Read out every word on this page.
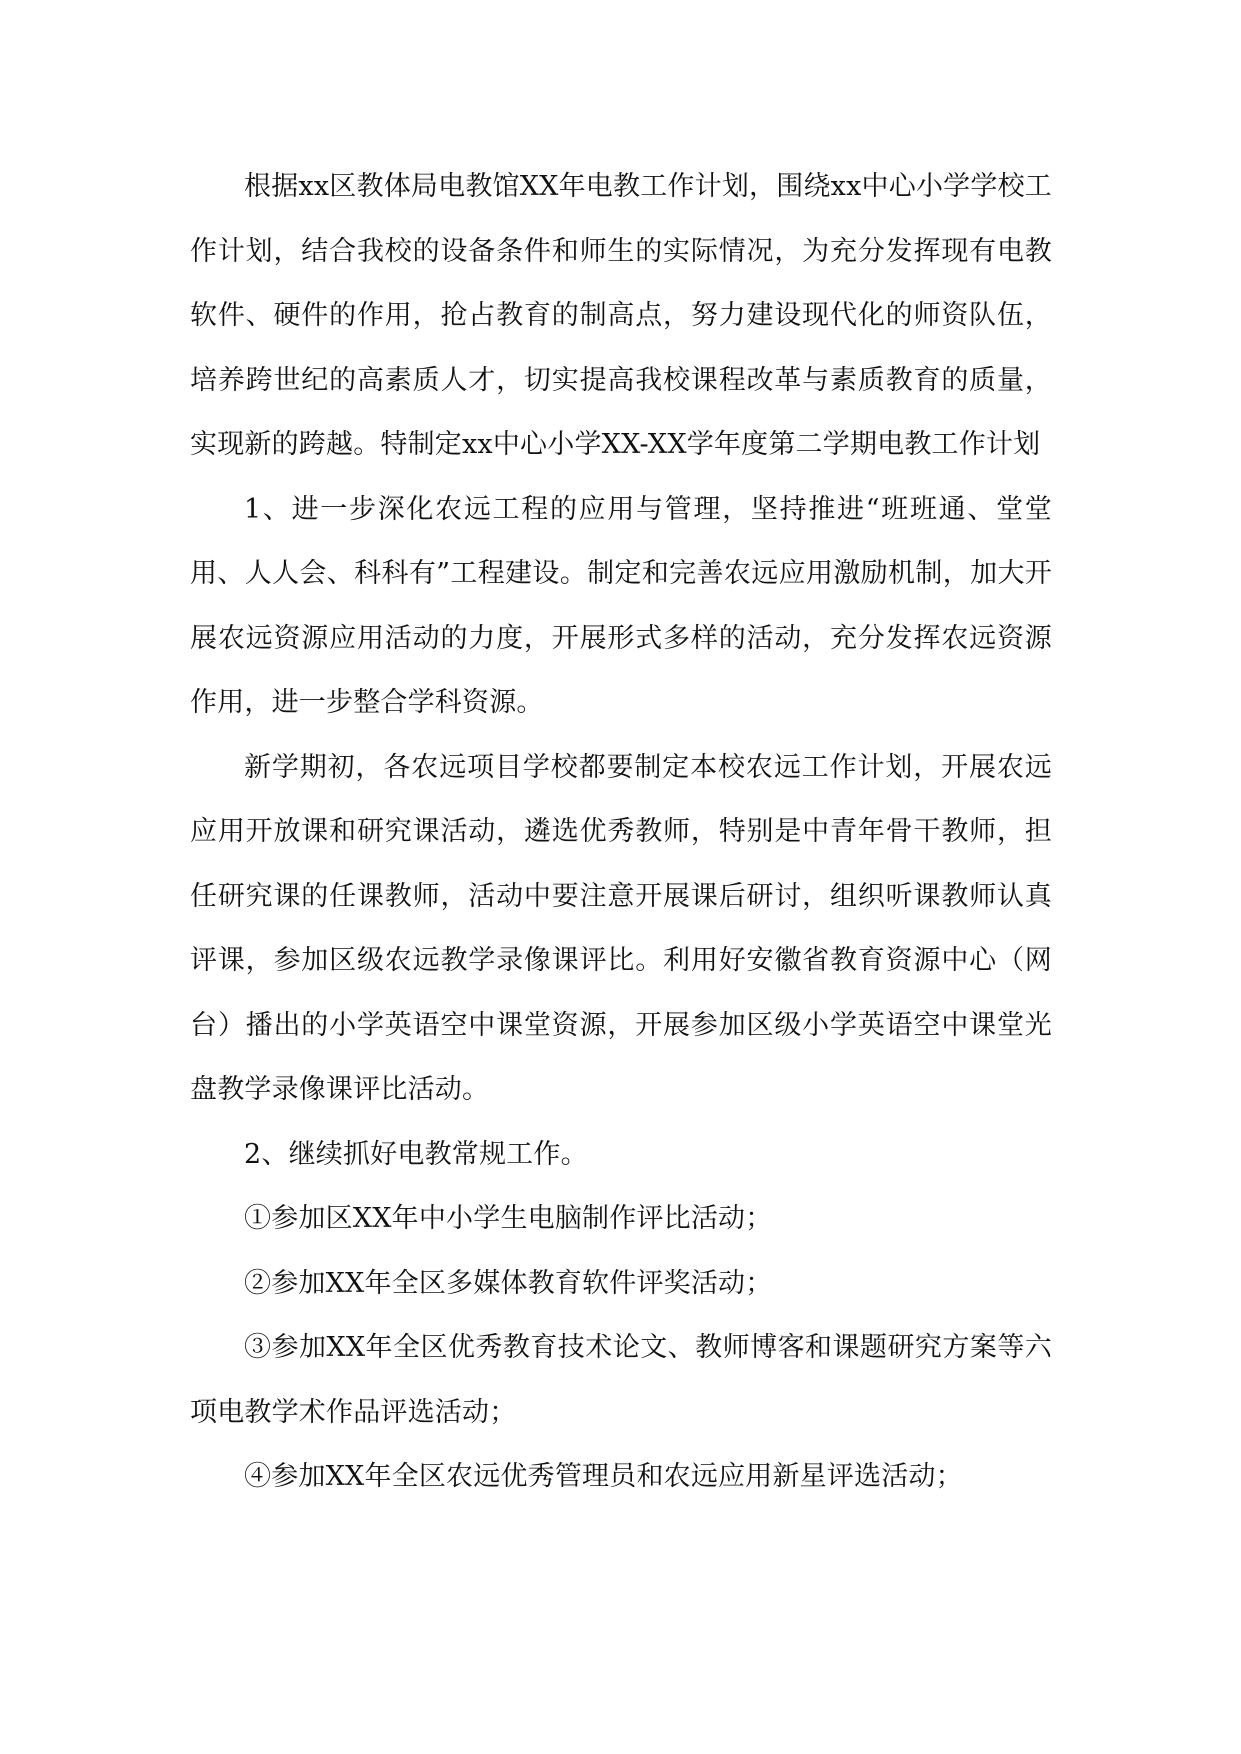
根据xx区教体局电教馆XX年电教工作计划，围绕xx中心小学学校工作计划，结合我校的设备条件和师生的实际情况，为充分发挥现有电教软件、硬件的作用，抢占教育的制高点，努力建设现代化的师资队伍，培养跨世纪的高素质人才，切实提高我校课程改革与素质教育的质量，实现新的跨越。特制定xx中心小学XX-XX学年度第二学期电教工作计划

1、进一步深化农远工程的应用与管理，坚持推进“班班通、堂堂用、人人会、科科有”工程建设。制定和完善农远应用激励机制，加大开展农远资源应用活动的力度，开展形式多样的活动，充分发挥农远资源作用，进一步整合学科资源。

新学期初，各农远项目学校都要制定本校农远工作计划，开展农远应用开放课和研究课活动，遴选优秀教师，特别是中青年骨干教师，担任研究课的任课教师，活动中要注意开展课后研讨，组织听课教师认真评课，参加区级农远教学录像课评比。利用好安徽省教育资源中心（网台）播出的小学英语空中课堂资源，开展参加区级小学英语空中课堂光盘教学录像课评比活动。

2、继续抓好电教常规工作。

①参加区XX年中小学生电脑制作评比活动；

②参加XX年全区多媒体教育软件评奖活动；

③参加XX年全区优秀教育技术论文、教师博客和课题研究方案等六项电教学术作品评选活动；

④参加XX年全区农远优秀管理员和农远应用新星评选活动；
